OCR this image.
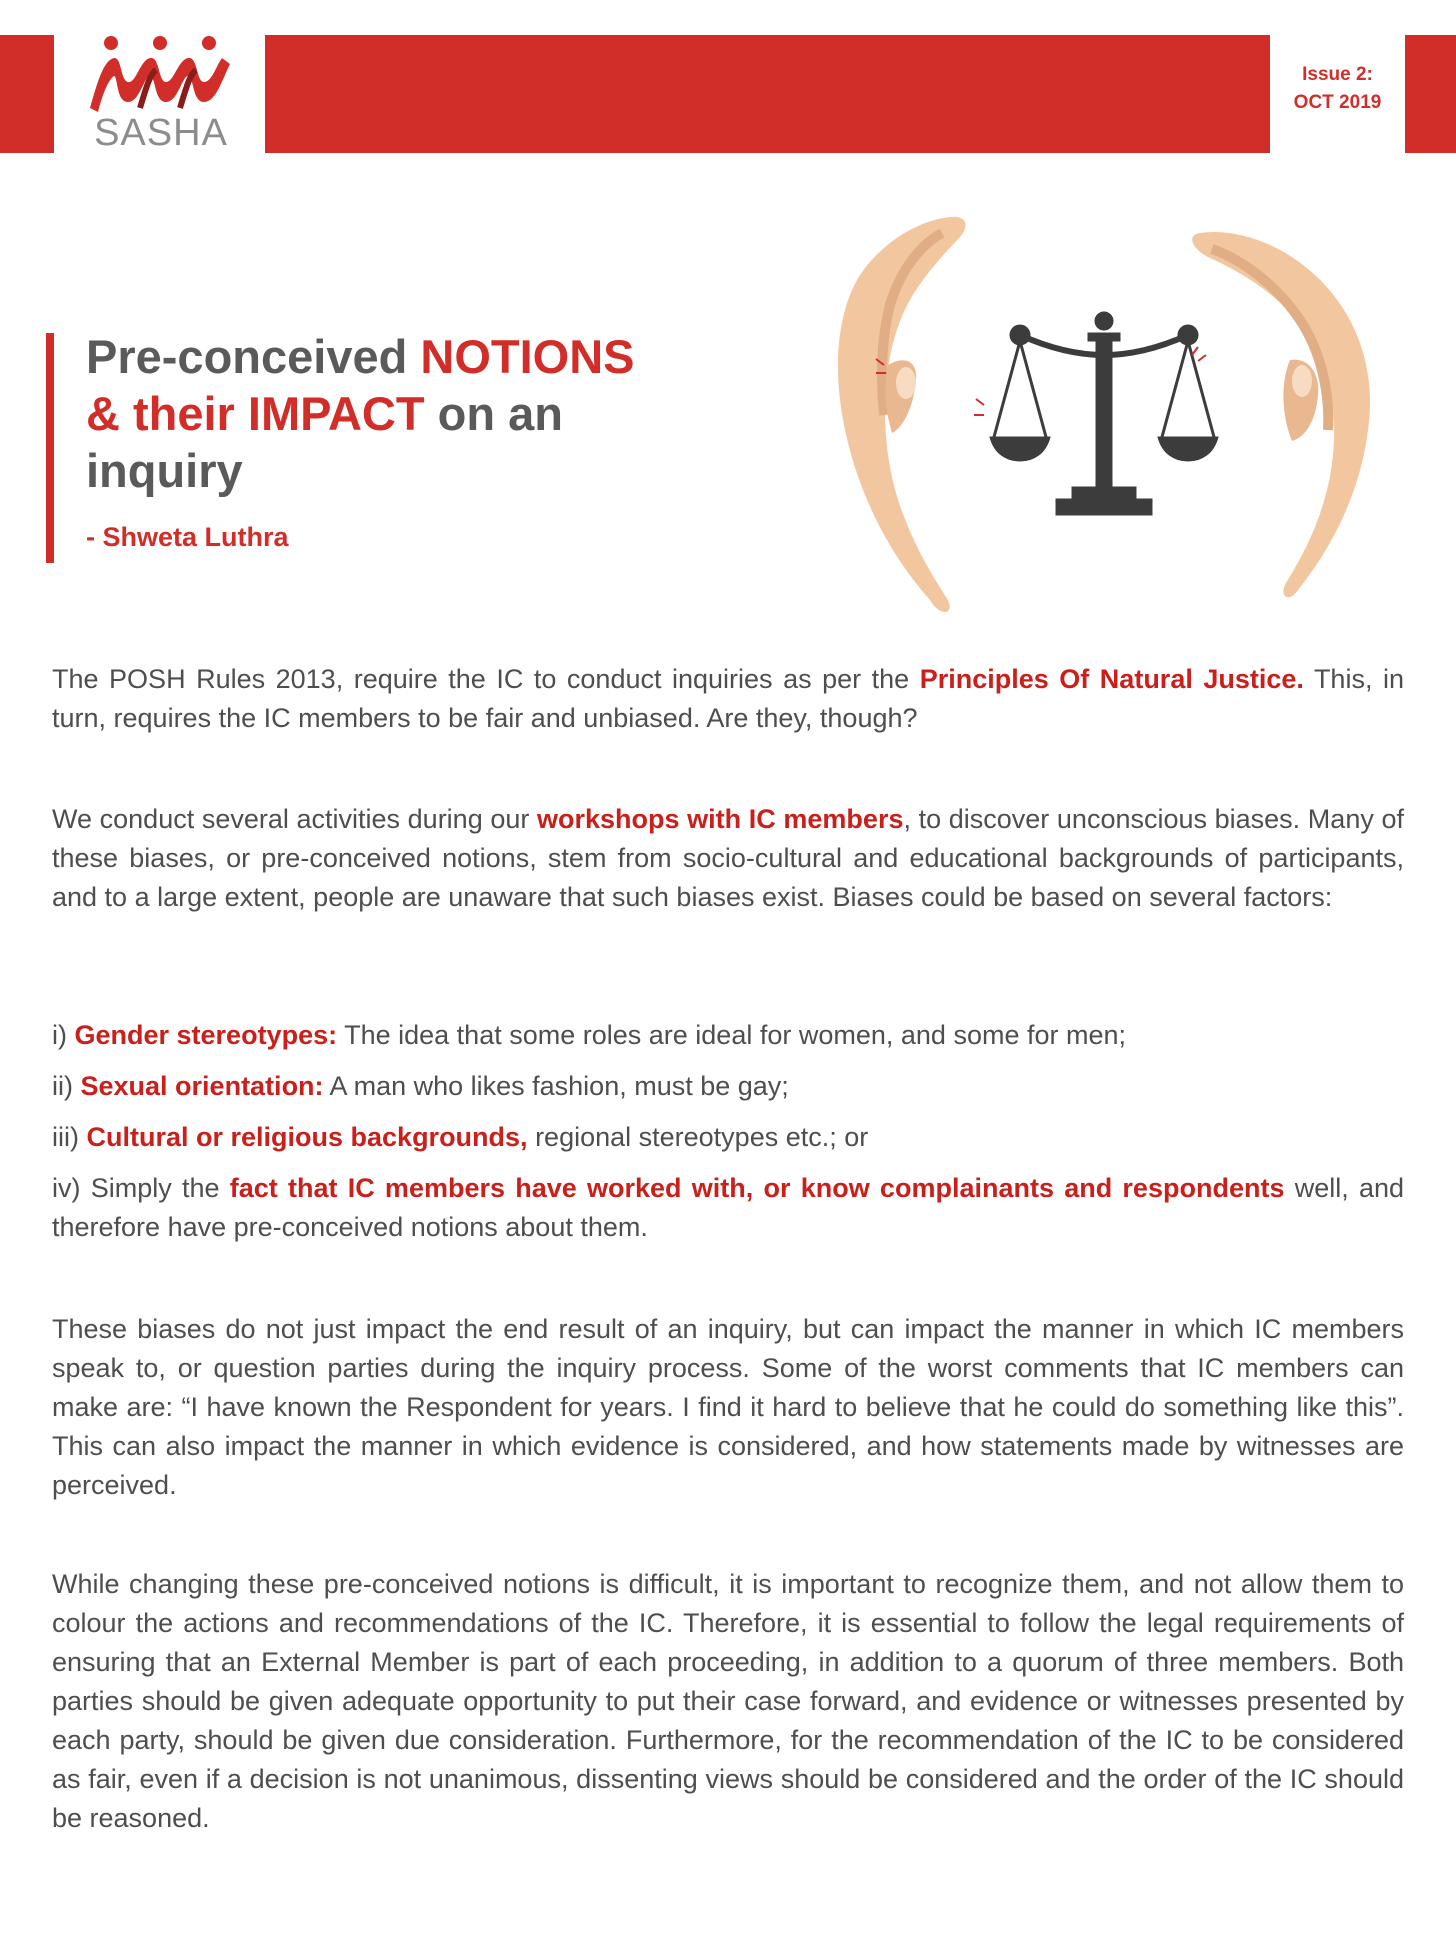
SASHA
Issue 2:
OCT 2019
Pre-conceived NOTIONS
& their IMPACT on an
inquiry
- Shweta Luthra

The POSH Rules 2013, require the IC to conduct inquiries as per the Principles Of Natural Justice. This, in turn, requires the IC members to be fair and unbiased. Are they, though?

We conduct several activities during our workshops with IC members, to discover unconscious biases. Many of these biases, or pre-conceived notions, stem from socio-cultural and educational backgrounds of participants, and to a large extent, people are unaware that such biases exist. Biases could be based on several factors:

i) Gender stereotypes: The idea that some roles are ideal for women, and some for men;

ii) Sexual orientation: A man who likes fashion, must be gay;

iii) Cultural or religious backgrounds, regional stereotypes etc.; or

iv) Simply the fact that IC members have worked with, or know complainants and respondents well, and therefore have pre-conceived notions about them.

These biases do not just impact the end result of an inquiry, but can impact the manner in which IC members speak to, or question parties during the inquiry process. Some of the worst comments that IC members can make are: “I have known the Respondent for years. I find it hard to believe that he could do something like this”. This can also impact the manner in which evidence is considered, and how statements made by witnesses are perceived.

While changing these pre-conceived notions is difficult, it is important to recognize them, and not allow them to colour the actions and recommendations of the IC. Therefore, it is essential to follow the legal requirements of ensuring that an External Member is part of each proceeding, in addition to a quorum of three members. Both parties should be given adequate opportunity to put their case forward, and evidence or witnesses presented by each party, should be given due consideration. Furthermore, for the recommendation of the IC to be considered as fair, even if a decision is not unanimous, dissenting views should be considered and the order of the IC should be reasoned.
